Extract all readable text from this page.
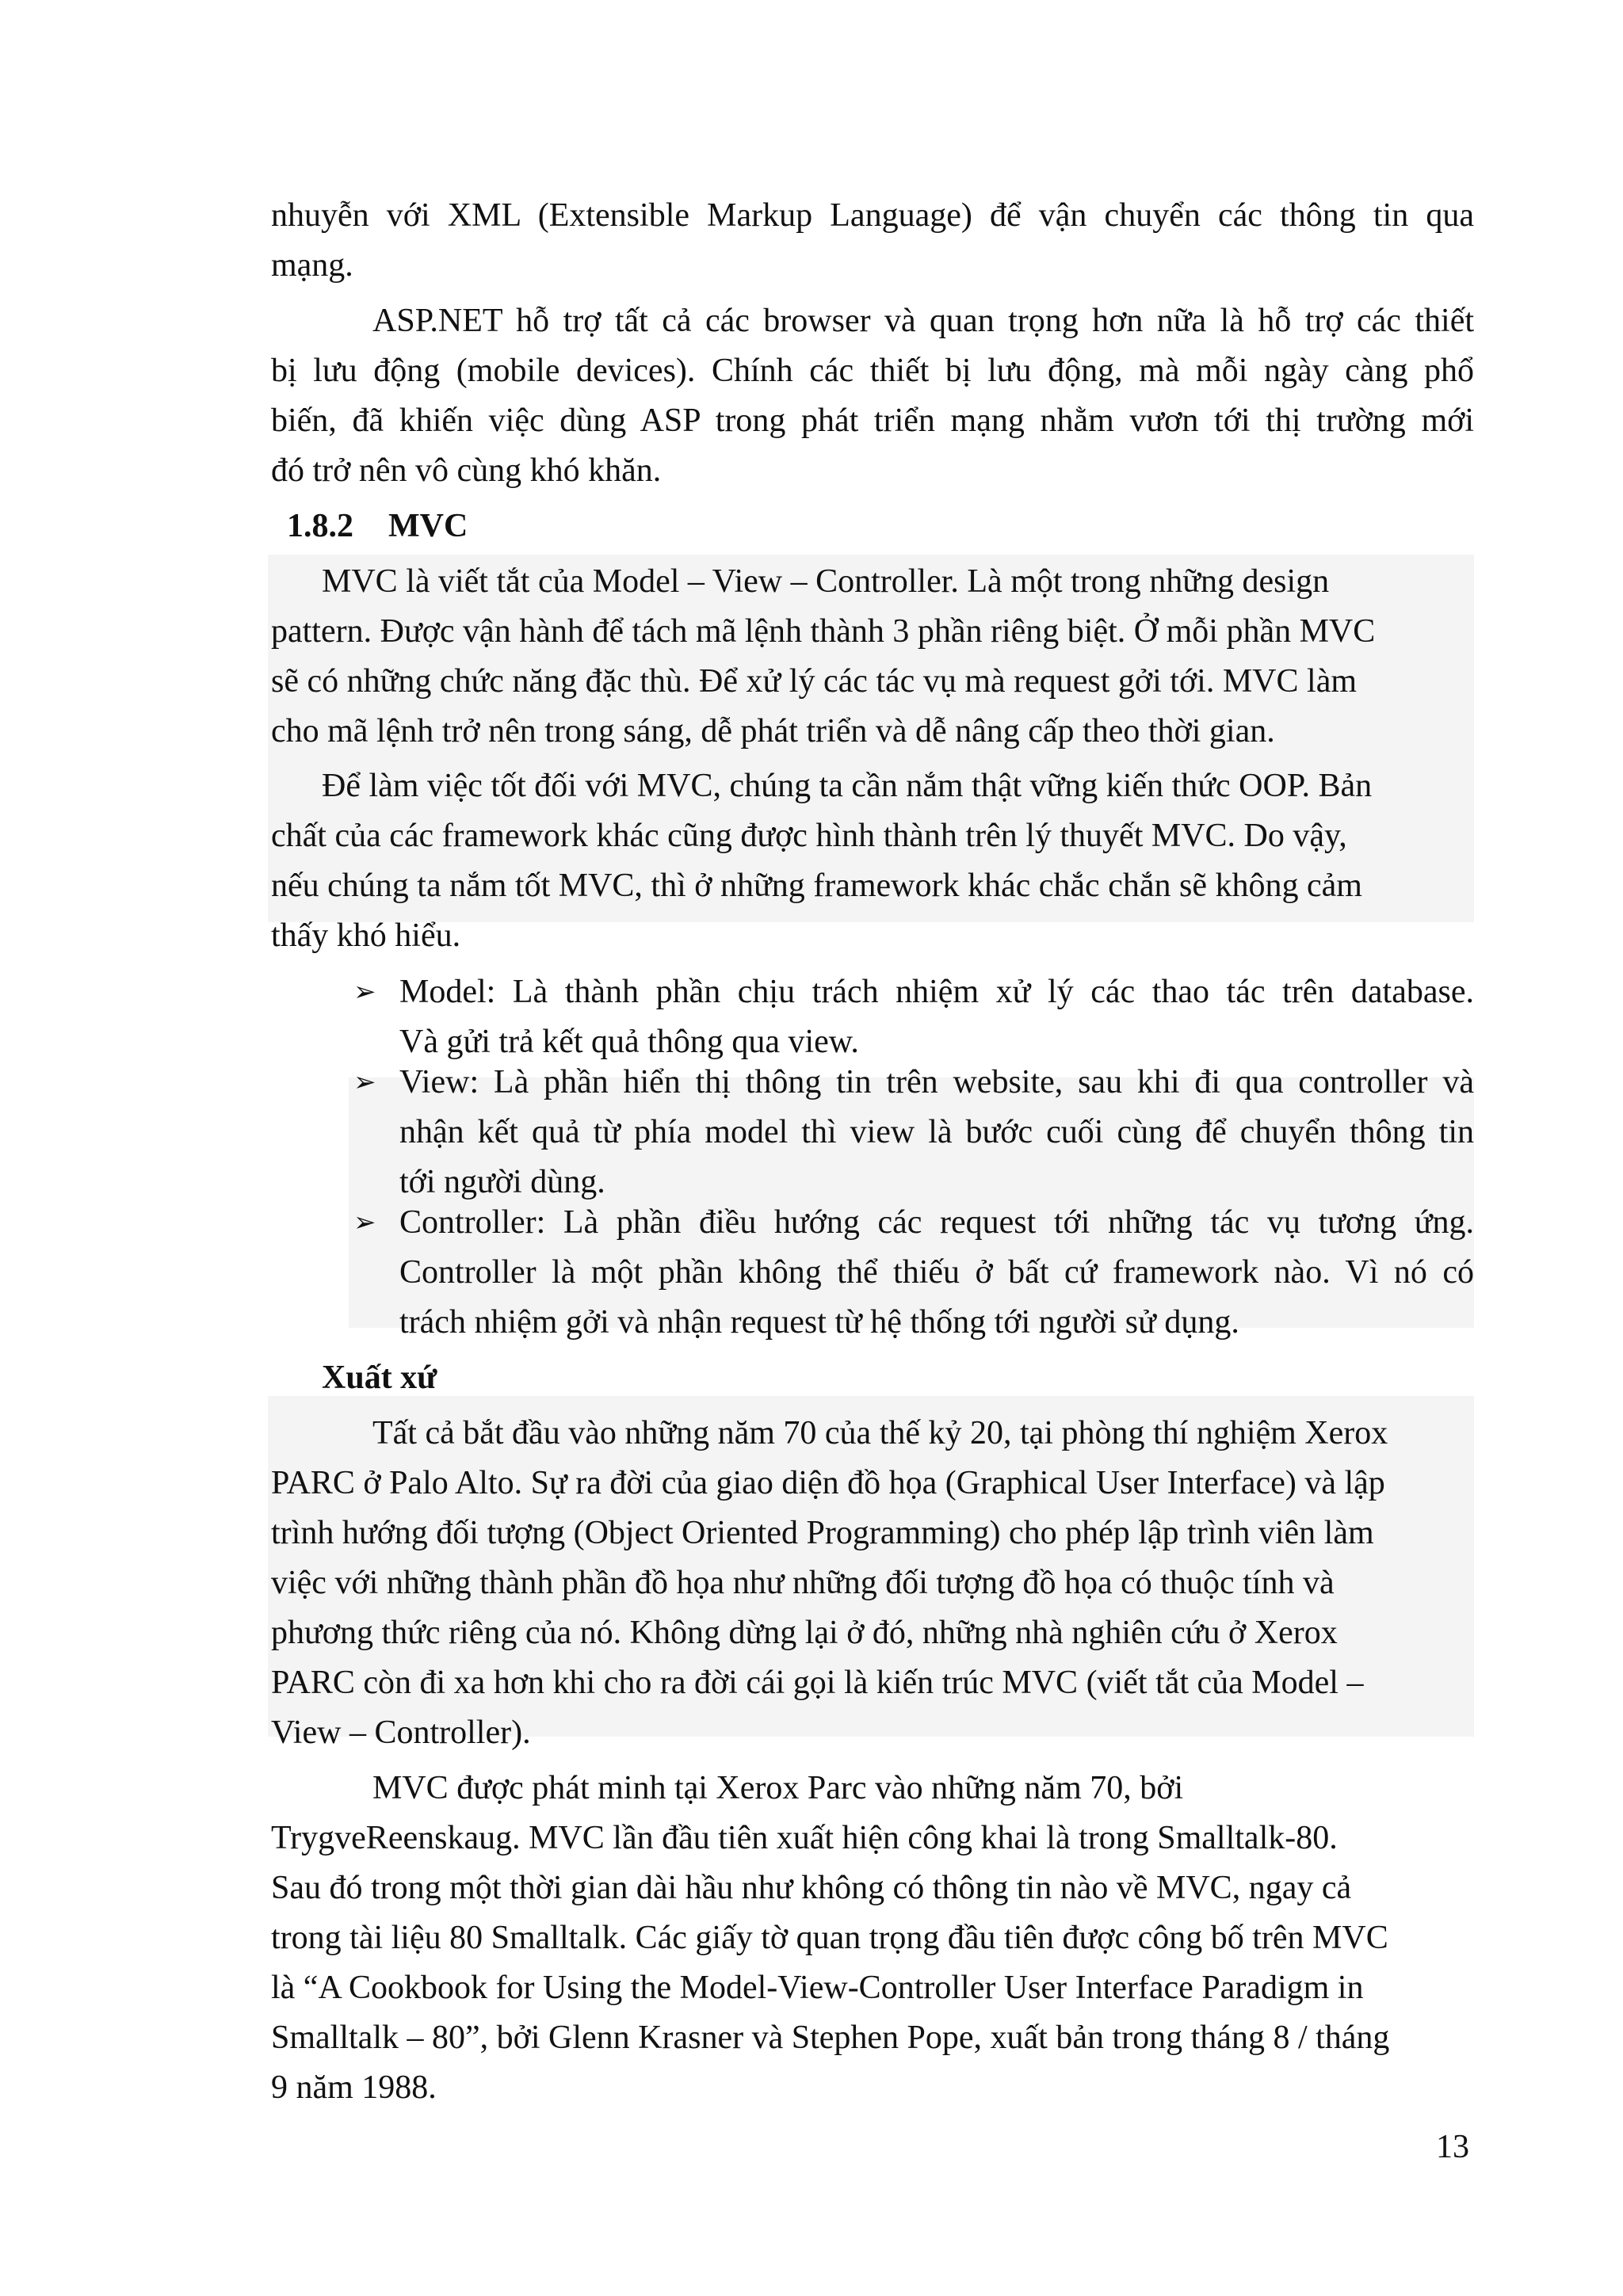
nhuyễn với XML (Extensible Markup Language) để vận chuyển các thông tin qua
mạng.
ASP.NET hỗ trợ tất cả các browser và quan trọng hơn nữa là hỗ trợ các thiết
bị lưu động (mobile devices). Chính các thiết bị lưu động, mà mỗi ngày càng phổ
biến, đã khiến việc dùng ASP trong phát triển mạng nhằm vươn tới thị trường mới
đó trở nên vô cùng khó khăn.
1.8.2 MVC
MVC là viết tắt của Model – View – Controller. Là một trong những design
pattern. Được vận hành để tách mã lệnh thành 3 phần riêng biệt. Ở mỗi phần MVC
sẽ có những chức năng đặc thù. Để xử lý các tác vụ mà request gởi tới. MVC làm
cho mã lệnh trở nên trong sáng, dễ phát triển và dễ nâng cấp theo thời gian.
Để làm việc tốt đối với MVC, chúng ta cần nắm thật vững kiến thức OOP. Bản
chất của các framework khác cũng được hình thành trên lý thuyết MVC. Do vậy,
nếu chúng ta nắm tốt MVC, thì ở những framework khác chắc chắn sẽ không cảm
thấy khó hiểu.
➢ Model: Là thành phần chịu trách nhiệm xử lý các thao tác trên database.
Và gửi trả kết quả thông qua view.
➢ View: Là phần hiển thị thông tin trên website, sau khi đi qua controller và
nhận kết quả từ phía model thì view là bước cuối cùng để chuyển thông tin
tới người dùng.
➢ Controller: Là phần điều hướng các request tới những tác vụ tương ứng.
Controller là một phần không thể thiếu ở bất cứ framework nào. Vì nó có
trách nhiệm gởi và nhận request từ hệ thống tới người sử dụng.
Xuất xứ
Tất cả bắt đầu vào những năm 70 của thế kỷ 20, tại phòng thí nghiệm Xerox
PARC ở Palo Alto. Sự ra đời của giao diện đồ họa (Graphical User Interface) và lập
trình hướng đối tượng (Object Oriented Programming) cho phép lập trình viên làm
việc với những thành phần đồ họa như những đối tượng đồ họa có thuộc tính và
phương thức riêng của nó. Không dừng lại ở đó, những nhà nghiên cứu ở Xerox
PARC còn đi xa hơn khi cho ra đời cái gọi là kiến trúc MVC (viết tắt của Model –
View – Controller).
MVC được phát minh tại Xerox Parc vào những năm 70, bởi
TrygveReenskaug. MVC lần đầu tiên xuất hiện công khai là trong Smalltalk-80.
Sau đó trong một thời gian dài hầu như không có thông tin nào về MVC, ngay cả
trong tài liệu 80 Smalltalk. Các giấy tờ quan trọng đầu tiên được công bố trên MVC
là “A Cookbook for Using the Model-View-Controller User Interface Paradigm in
Smalltalk – 80”, bởi Glenn Krasner và Stephen Pope, xuất bản trong tháng 8 / tháng
9 năm 1988.
13
